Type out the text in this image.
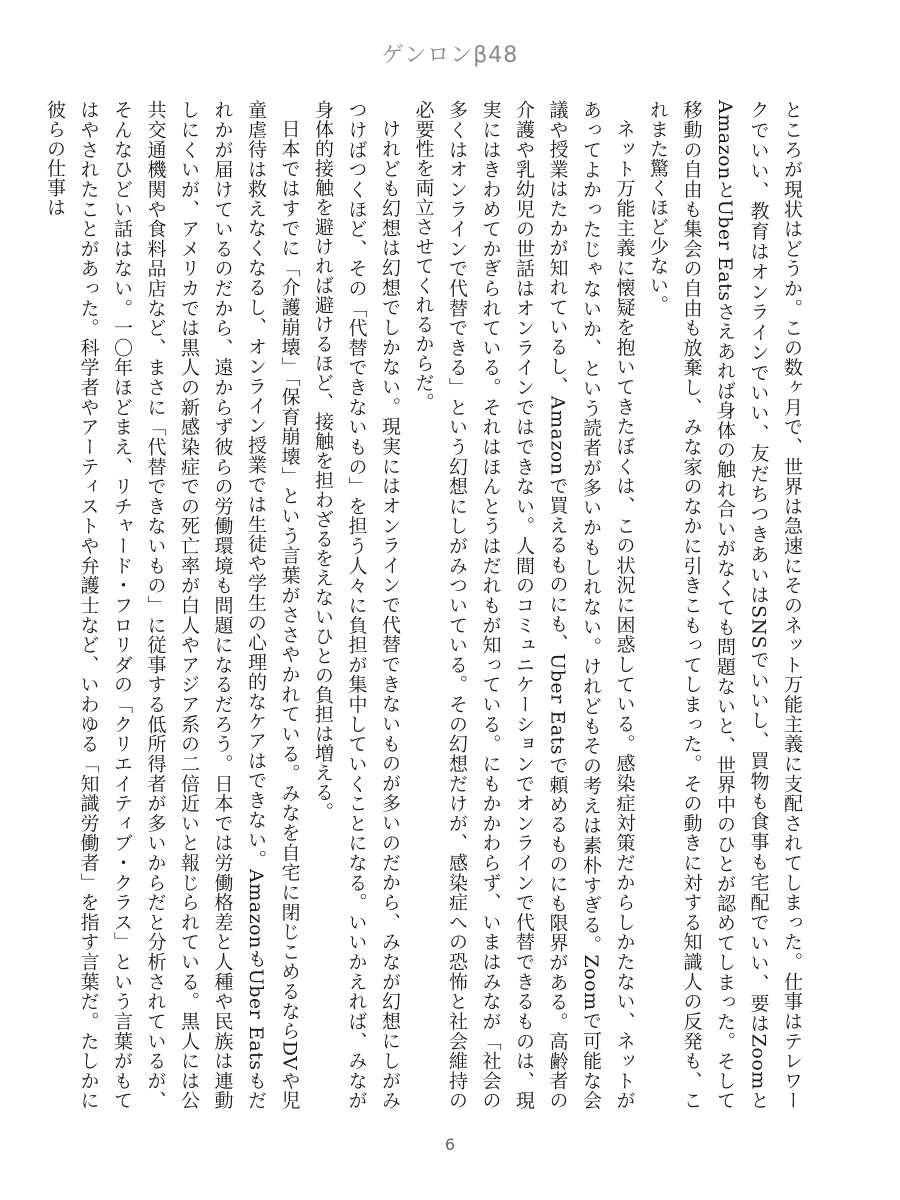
ゲンロンβ48

ところが現状はどうか。この数ヶ月で、世界は急速にそのネット万能主義に支配されてしまった。仕事はテレワークでいい、教育はオンラインでいい、友だちつきあいはSNSでいいし、買物も食事も宅配でいい、要はZoomとAmazonとUber Eatsさえあれば身体の触れ合いがなくても問題ないと、世界中のひとが認めてしまった。そして移動の自由も集会の自由も放棄し、みな家のなかに引きこもってしまった。その動きに対する知識人の反発も、これまた驚くほど少ない。

ネット万能主義に懐疑を抱いてきたぼくは、この状況に困惑している。感染症対策だからしかたない、ネットがあってよかったじゃないか、という読者が多いかもしれない。けれどもその考えは素朴すぎる。Zoomで可能な会議や授業はたかが知れているし、Amazonで買えるものにも、Uber Eatsで頼めるものにも限界がある。高齢者の介護や乳幼児の世話はオンラインではできない。人間のコミュニケーションでオンラインで代替できるものは、現実にはきわめてかぎられている。それはほんとうはだれもが知っている。にもかかわらず、いまはみなが「社会の多くはオンラインで代替できる」という幻想にしがみついている。その幻想だけが、感染症への恐怖と社会維持の必要性を両立させてくれるからだ。

けれども幻想は幻想でしかない。現実にはオンラインで代替できないものが多いのだから、みなが幻想にしがみつけばつくほど、その「代替できないもの」を担う人々に負担が集中していくことになる。いいかえれば、みなが身体的接触を避ければ避けるほど、接触を担わざるをえないひとの負担は増える。

日本ではすでに「介護崩壊」「保育崩壊」という言葉がささやかれている。みなを自宅に閉じこめるならDVや児童虐待は救えなくなるし、オンライン授業では生徒や学生の心理的なケアはできない。AmazonもUber Eatsもだれかが届けているのだから、遠からず彼らの労働環境も問題になるだろう。日本では労働格差と人種や民族は連動しにくいが、アメリカでは黒人の新感染症での死亡率が白人やアジア系の二倍近いと報じられている。黒人には公共交通機関や食料品店など、まさに「代替できないもの」に従事する低所得者が多いからだと分析されているが、そんなひどい話はない。一〇年ほどまえ、リチャード・フロリダの「クリエイティブ・クラス」という言葉がもてはやされたことがあった。科学者やアーティストや弁護士など、いわゆる「知識労働者」を指す言葉だ。たしかに彼らの仕事は

6
